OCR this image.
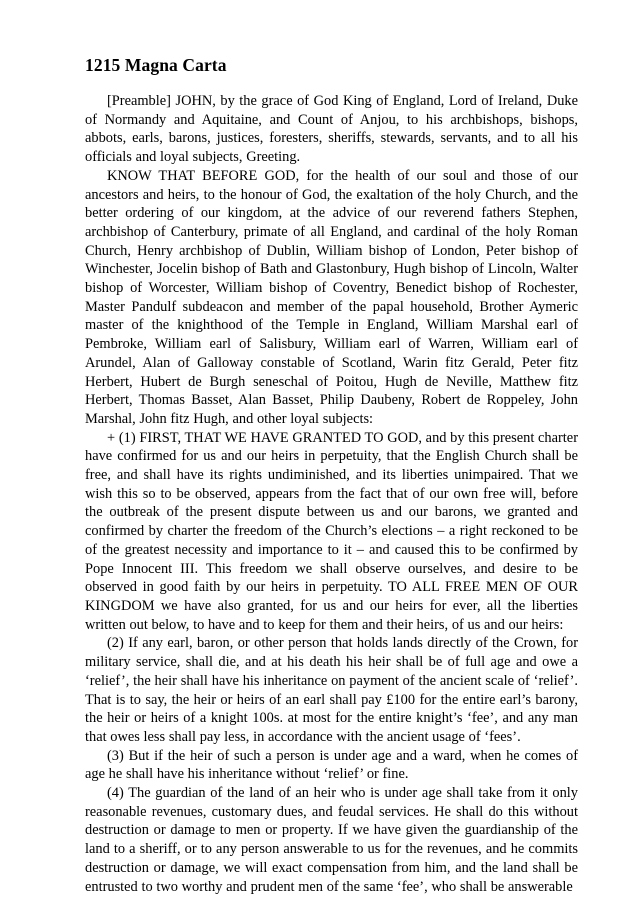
1215 Magna Carta

[Preamble] JOHN, by the grace of God King of England, Lord of Ireland, Duke of Normandy and Aquitaine, and Count of Anjou, to his archbishops, bishops, abbots, earls, barons, justices, foresters, sheriffs, stewards, servants, and to all his officials and loyal subjects, Greeting.

KNOW THAT BEFORE GOD, for the health of our soul and those of our ancestors and heirs, to the honour of God, the exaltation of the holy Church, and the better ordering of our kingdom, at the advice of our reverend fathers Stephen, archbishop of Canterbury, primate of all England, and cardinal of the holy Roman Church, Henry archbishop of Dublin, William bishop of London, Peter bishop of Winchester, Jocelin bishop of Bath and Glastonbury, Hugh bishop of Lincoln, Walter bishop of Worcester, William bishop of Coventry, Benedict bishop of Rochester, Master Pandulf subdeacon and member of the papal household, Brother Aymeric master of the knighthood of the Temple in England, William Marshal earl of Pembroke, William earl of Salisbury, William earl of Warren, William earl of Arundel, Alan of Galloway constable of Scotland, Warin fitz Gerald, Peter fitz Herbert, Hubert de Burgh seneschal of Poitou, Hugh de Neville, Matthew fitz Herbert, Thomas Basset, Alan Basset, Philip Daubeny, Robert de Roppeley, John Marshal, John fitz Hugh, and other loyal subjects:

+ (1) FIRST, THAT WE HAVE GRANTED TO GOD, and by this present charter have confirmed for us and our heirs in perpetuity, that the English Church shall be free, and shall have its rights undiminished, and its liberties unimpaired. That we wish this so to be observed, appears from the fact that of our own free will, before the outbreak of the present dispute between us and our barons, we granted and confirmed by charter the freedom of the Church’s elections – a right reckoned to be of the greatest necessity and importance to it – and caused this to be confirmed by Pope Innocent III. This freedom we shall observe ourselves, and desire to be observed in good faith by our heirs in perpetuity. TO ALL FREE MEN OF OUR KINGDOM we have also granted, for us and our heirs for ever, all the liberties written out below, to have and to keep for them and their heirs, of us and our heirs:

(2) If any earl, baron, or other person that holds lands directly of the Crown, for military service, shall die, and at his death his heir shall be of full age and owe a ‘relief’, the heir shall have his inheritance on payment of the ancient scale of ‘relief’. That is to say, the heir or heirs of an earl shall pay £100 for the entire earl’s barony, the heir or heirs of a knight 100s. at most for the entire knight’s ‘fee’, and any man that owes less shall pay less, in accordance with the ancient usage of ‘fees’.

(3) But if the heir of such a person is under age and a ward, when he comes of age he shall have his inheritance without ‘relief’ or fine.

(4) The guardian of the land of an heir who is under age shall take from it only reasonable revenues, customary dues, and feudal services. He shall do this without destruction or damage to men or property. If we have given the guardianship of the land to a sheriff, or to any person answerable to us for the revenues, and he commits destruction or damage, we will exact compensation from him, and the land shall be entrusted to two worthy and prudent men of the same ‘fee’, who shall be answerable
